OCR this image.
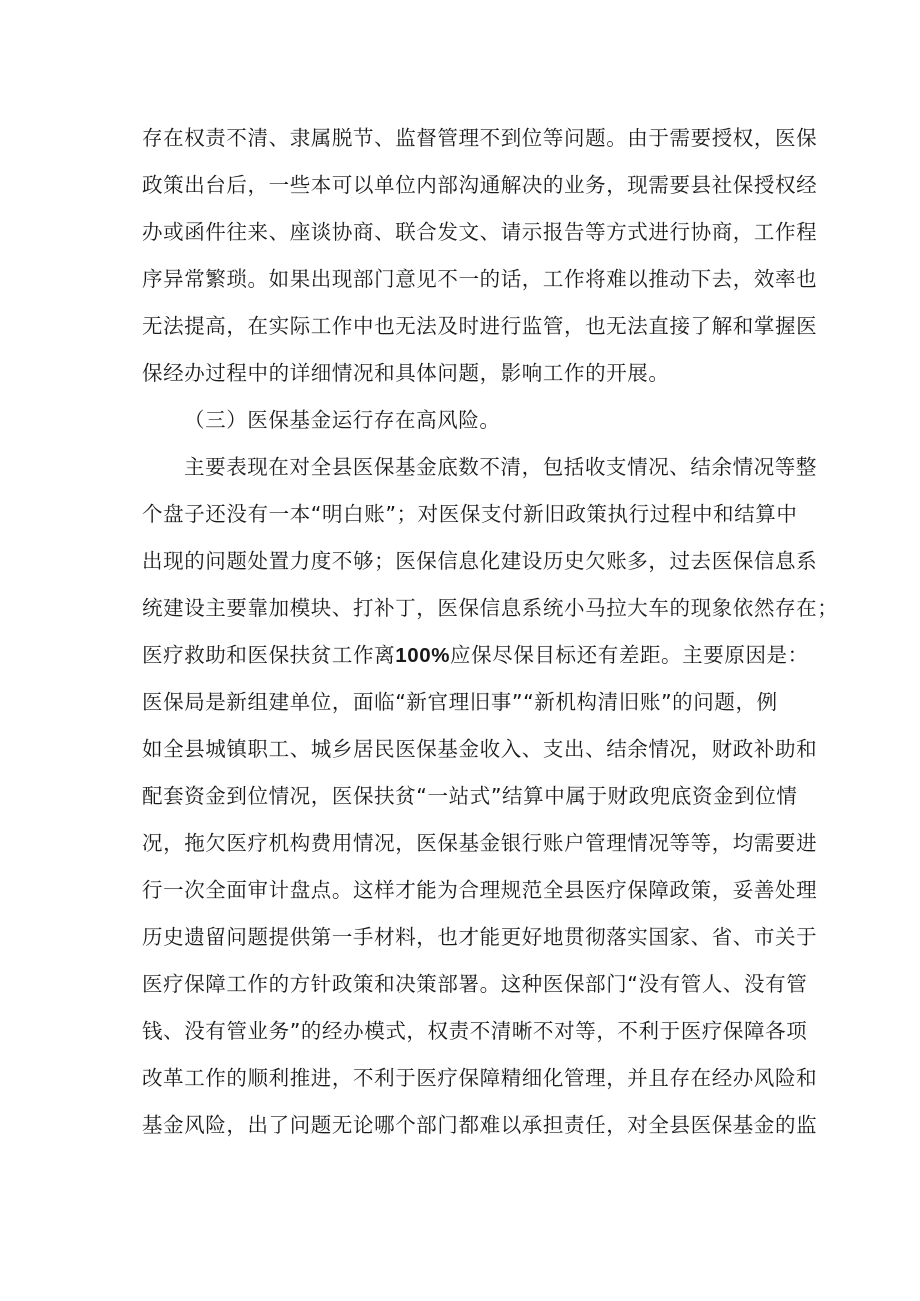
存在权责不清、隶属脱节、监督管理不到位等问题。由于需要授权，医保
政策出台后，一些本可以单位内部沟通解决的业务，现需要县社保授权经
办或函件往来、座谈协商、联合发文、请示报告等方式进行协商，工作程
序异常繁琐。如果出现部门意见不一的话，工作将难以推动下去，效率也
无法提高，在实际工作中也无法及时进行监管，也无法直接了解和掌握医
保经办过程中的详细情况和具体问题，影响工作的开展。
（三）医保基金运行存在高风险。
主要表现在对全县医保基金底数不清，包括收支情况、结余情况等整
个盘子还没有一本“明白账”；对医保支付新旧政策执行过程中和结算中
出现的问题处置力度不够；医保信息化建设历史欠账多，过去医保信息系
统建设主要靠加模块、打补丁，医保信息系统小马拉大车的现象依然存在；
医疗救助和医保扶贫工作离100%应保尽保目标还有差距。主要原因是：
医保局是新组建单位，面临“新官理旧事”“新机构清旧账”的问题，例
如全县城镇职工、城乡居民医保基金收入、支出、结余情况，财政补助和
配套资金到位情况，医保扶贫“一站式”结算中属于财政兜底资金到位情
况，拖欠医疗机构费用情况，医保基金银行账户管理情况等等，均需要进
行一次全面审计盘点。这样才能为合理规范全县医疗保障政策，妥善处理
历史遗留问题提供第一手材料，也才能更好地贯彻落实国家、省、市关于
医疗保障工作的方针政策和决策部署。这种医保部门“没有管人、没有管
钱、没有管业务”的经办模式，权责不清晰不对等，不利于医疗保障各项
改革工作的顺利推进，不利于医疗保障精细化管理，并且存在经办风险和
基金风险，出了问题无论哪个部门都难以承担责任，对全县医保基金的监
